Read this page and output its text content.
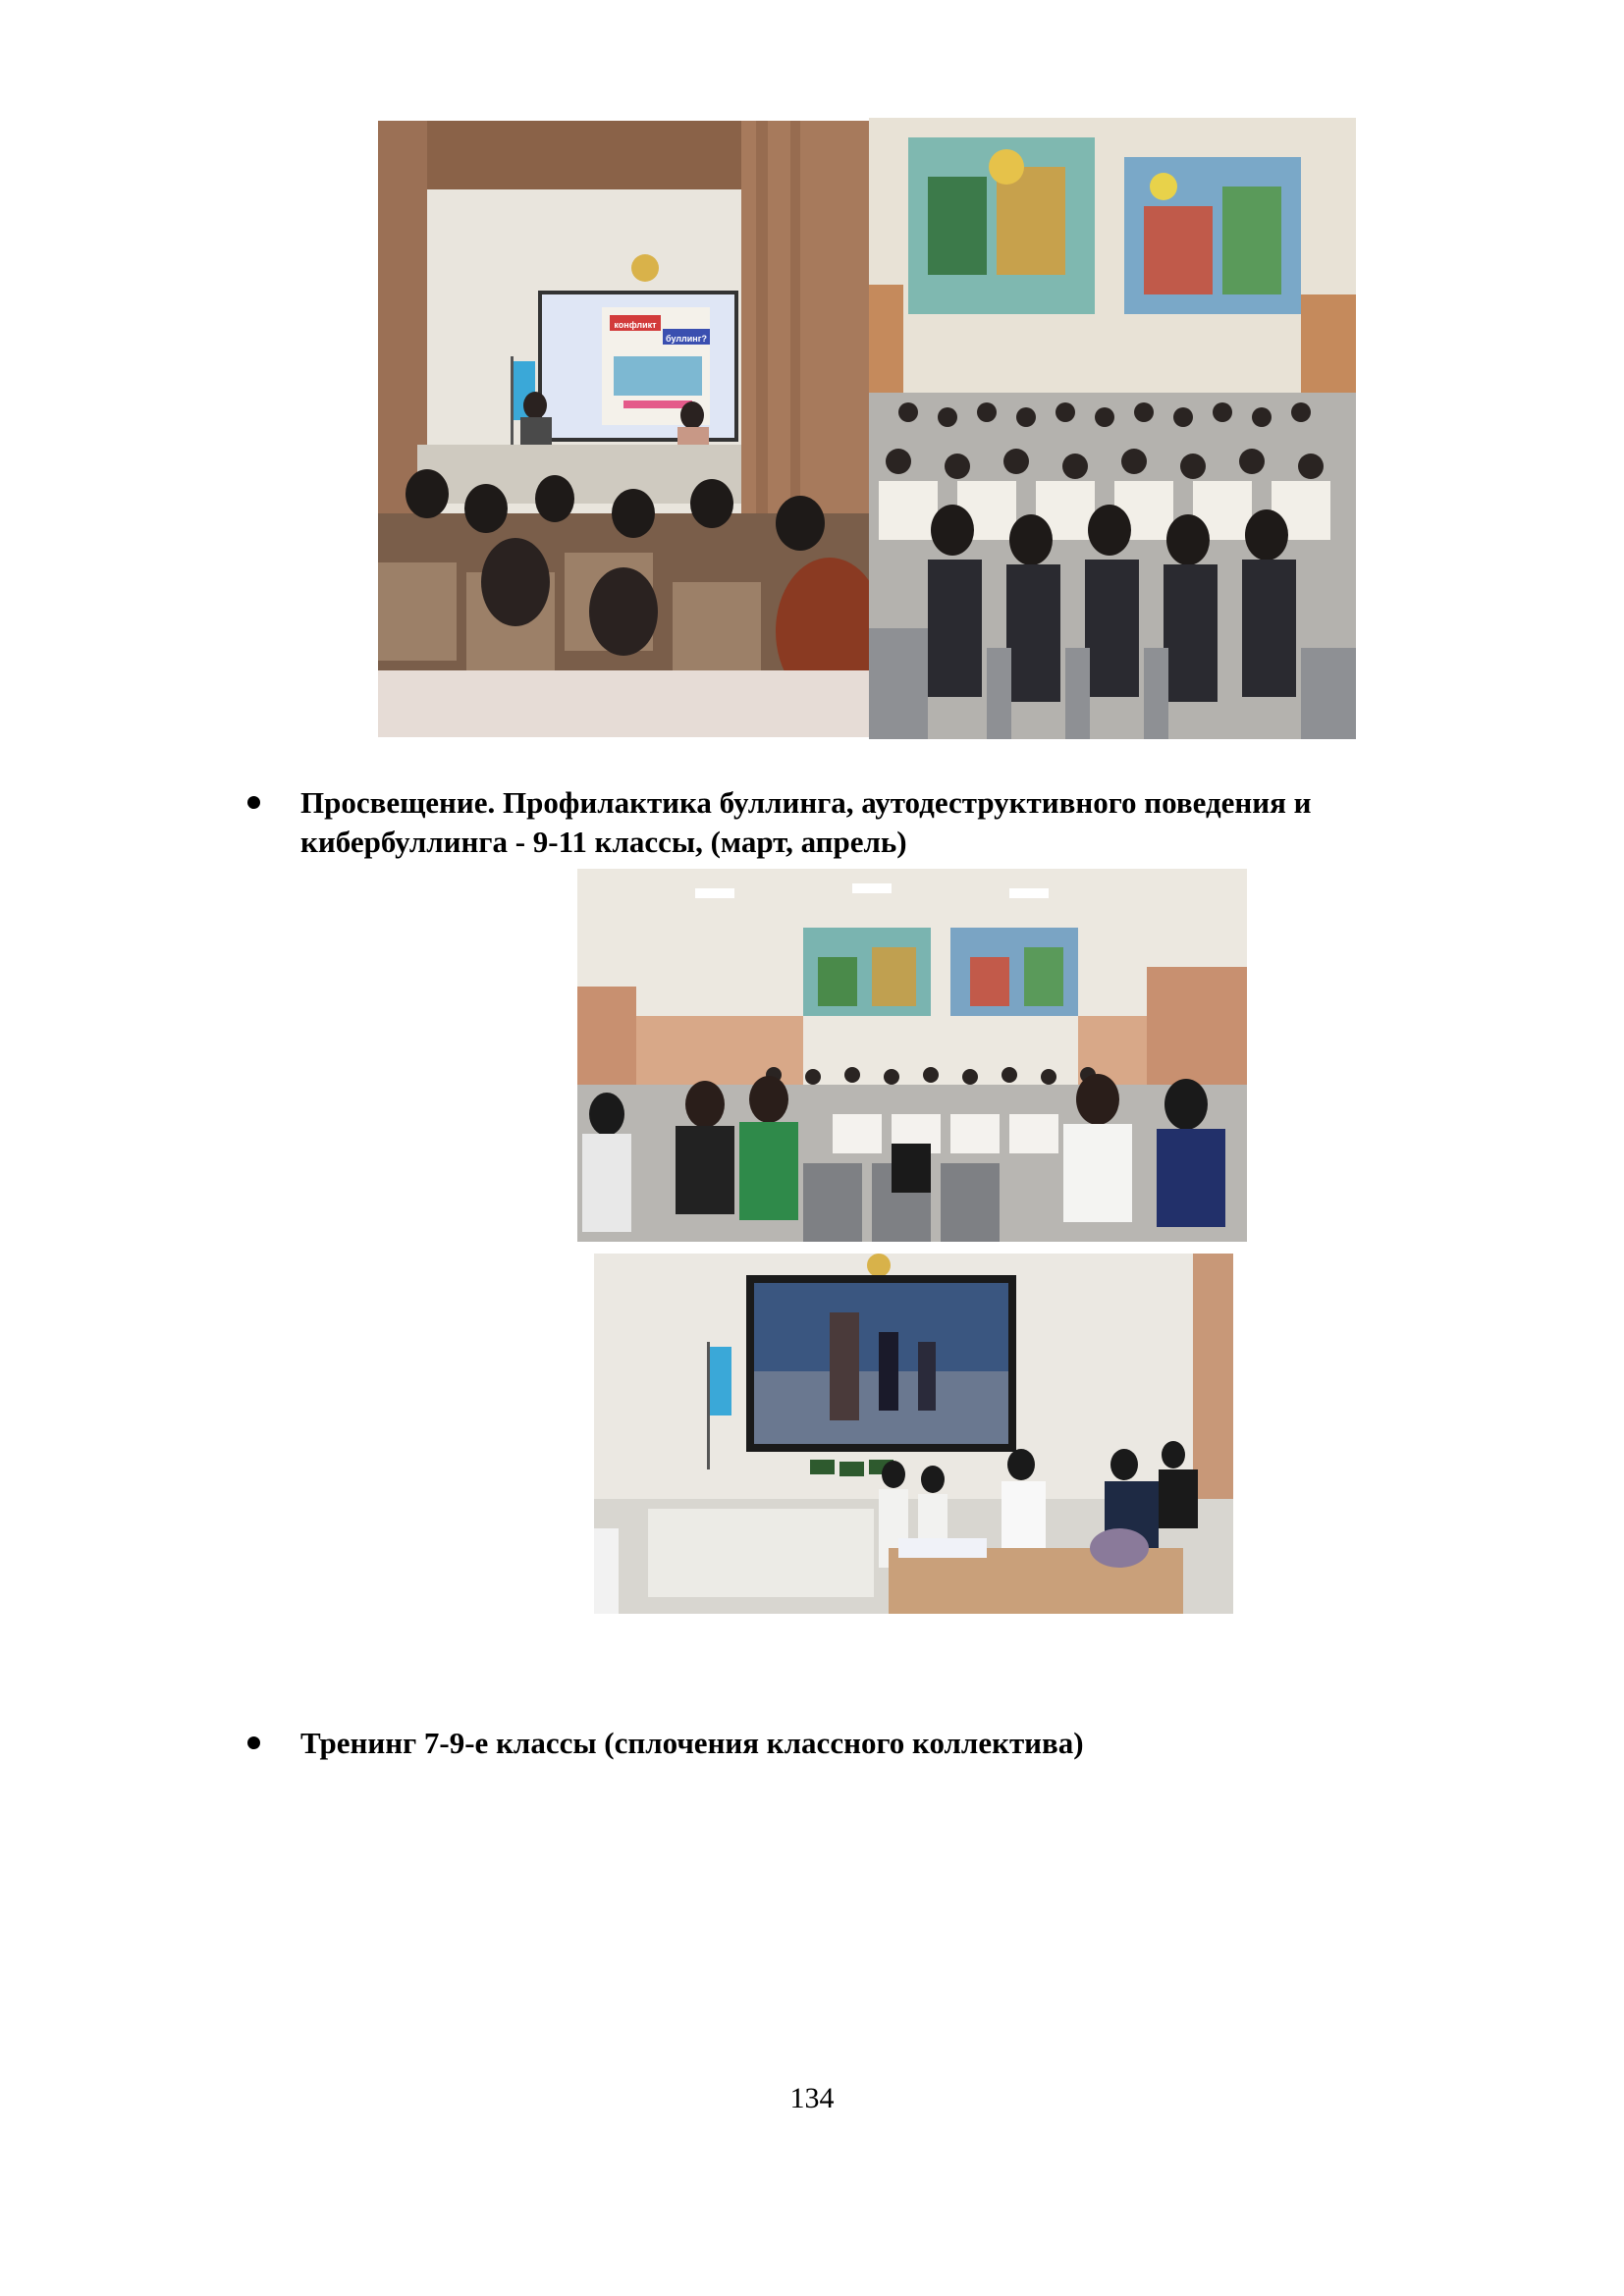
конфликт
буллинг?
Просвещение. Профилактика буллинга, аутодеструктивного поведения и кибербуллинга - 9-11 классы, (март, апрель)
Тренинг 7-9-е классы (сплочения классного коллектива)
134
